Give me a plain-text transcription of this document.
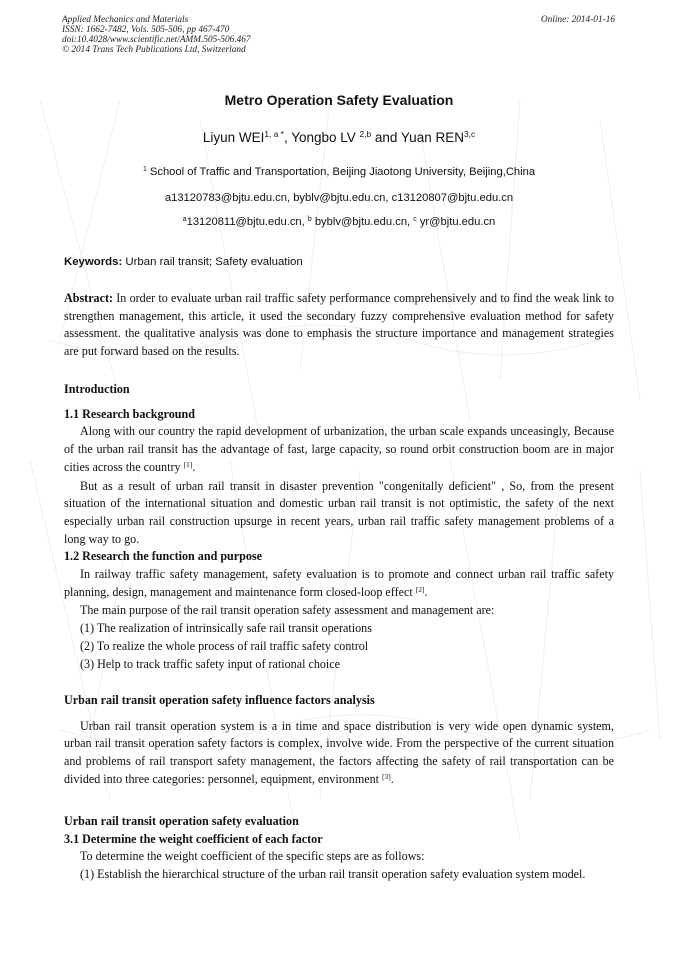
Applied Mechanics and Materials
ISSN: 1662-7482, Vols. 505-506, pp 467-470
doi:10.4028/www.scientific.net/AMM.505-506.467
© 2014 Trans Tech Publications Ltd, Switzerland
Online: 2014-01-16
Metro Operation Safety Evaluation
Liyun $WEI^{1, a *}$, Yongbo LV $^{2,b}$ and Yuan REN$^{3,c}$
$^1$ School of Traffic and Transportation, Beijing Jiaotong University, Beijing,China
a13120783@bjtu.edu.cn, byblv@bjtu.edu.cn, c13120807@bjtu.edu.cn
$^a$13120811@bjtu.edu.cn, $^b$ byblv@bjtu.edu.cn, $^c$ yr@bjtu.edu.cn
Keywords: Urban rail transit; Safety evaluation

Abstract: In order to evaluate urban rail traffic safety performance comprehensively and to find the weak link to strengthen management, this article, it used the secondary fuzzy comprehensive evaluation method for safety assessment. the qualitative analysis was done to emphasis the structure importance and management strategies are put forward based on the results.

Introduction

1.1 Research background

Along with our country the rapid development of urbanization, the urban scale expands unceasingly, Because of the urban rail transit has the advantage of fast, large capacity, so round orbit construction boom are in major cities across the country [1].

But as a result of urban rail transit in disaster prevention "congenitally deficient" , So, from the present situation of the international situation and domestic urban rail transit is not optimistic, the safety of the next especially urban rail construction upsurge in recent years, urban rail traffic safety management problems of a long way to go.

1.2 Research the function and purpose

In railway traffic safety management, safety evaluation is to promote and connect urban rail traffic safety planning, design, management and maintenance form closed-loop effect [2].

The main purpose of the rail transit operation safety assessment and management are:

(1) The realization of intrinsically safe rail transit operations

(2) To realize the whole process of rail traffic safety control

(3) Help to track traffic safety input of rational choice

Urban rail transit operation safety influence factors analysis

Urban rail transit operation system is a in time and space distribution is very wide open dynamic system, urban rail transit operation safety factors is complex, involve wide. From the perspective of the current situation and problems of rail transport safety management, the factors affecting the safety of rail transportation can be divided into three categories: personnel, equipment, environment [3].

Urban rail transit operation safety evaluation

3.1 Determine the weight coefficient of each factor

To determine the weight coefficient of the specific steps are as follows:

(1) Establish the hierarchical structure of the urban rail transit operation safety evaluation system model.
